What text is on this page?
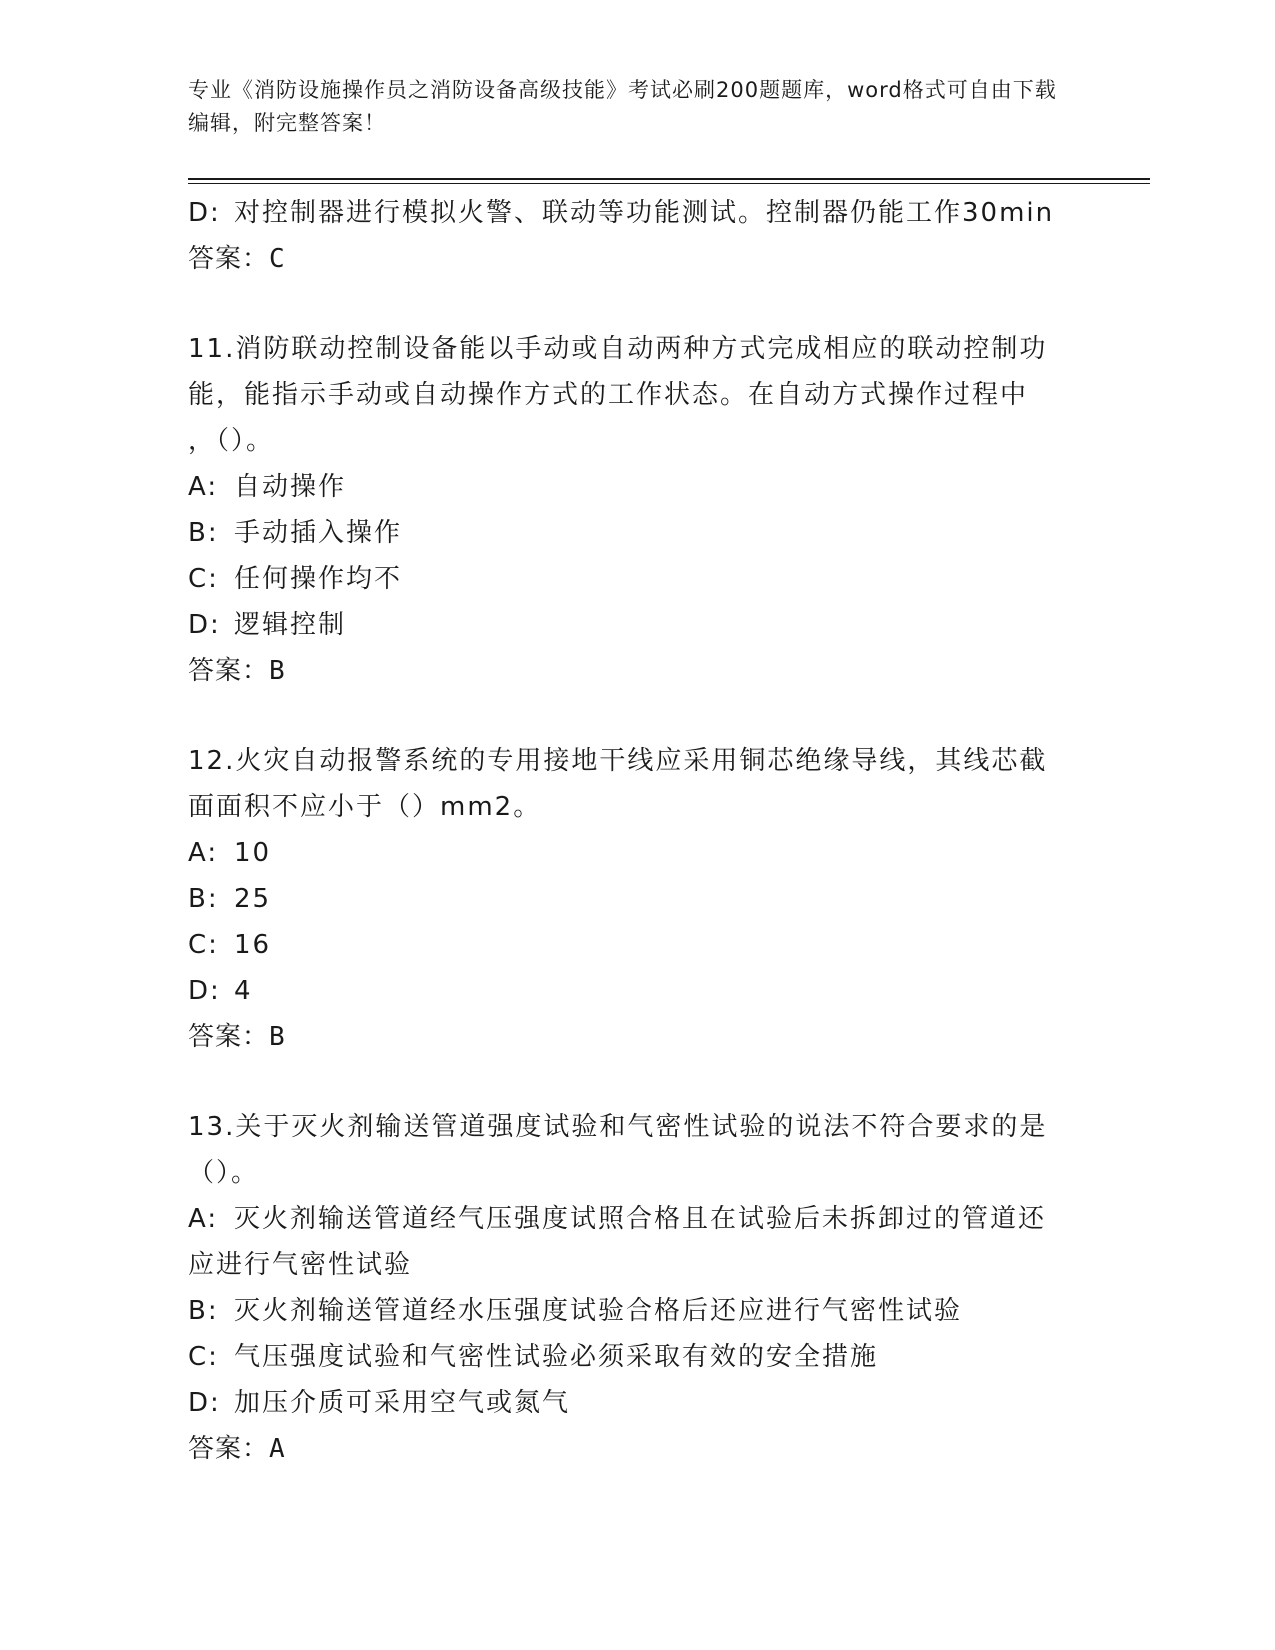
专业《消防设施操作员之消防设备高级技能》考试必刷200题题库，word格式可自由下载编辑，附完整答案！
D: 对控制器进行模拟火警、联动等功能测试。控制器仍能工作30min
答案：C
11.消防联动控制设备能以手动或自动两种方式完成相应的联动控制功
能，能指示手动或自动操作方式的工作状态。在自动方式操作过程中
，（）。
A: 自动操作
B: 手动插入操作
C: 任何操作均不
D: 逻辑控制
答案：B
12.火灾自动报警系统的专用接地干线应采用铜芯绝缘导线，其线芯截
面面积不应小于（）mm2。
A: 10
B: 25
C: 16
D: 4
答案：B
13.关于灭火剂输送管道强度试验和气密性试验的说法不符合要求的是
（）。
A: 灭火剂输送管道经气压强度试照合格且在试验后未拆卸过的管道还
应进行气密性试验
B: 灭火剂输送管道经水压强度试验合格后还应进行气密性试验
C: 气压强度试验和气密性试验必须采取有效的安全措施
D: 加压介质可采用空气或氮气
答案：A
